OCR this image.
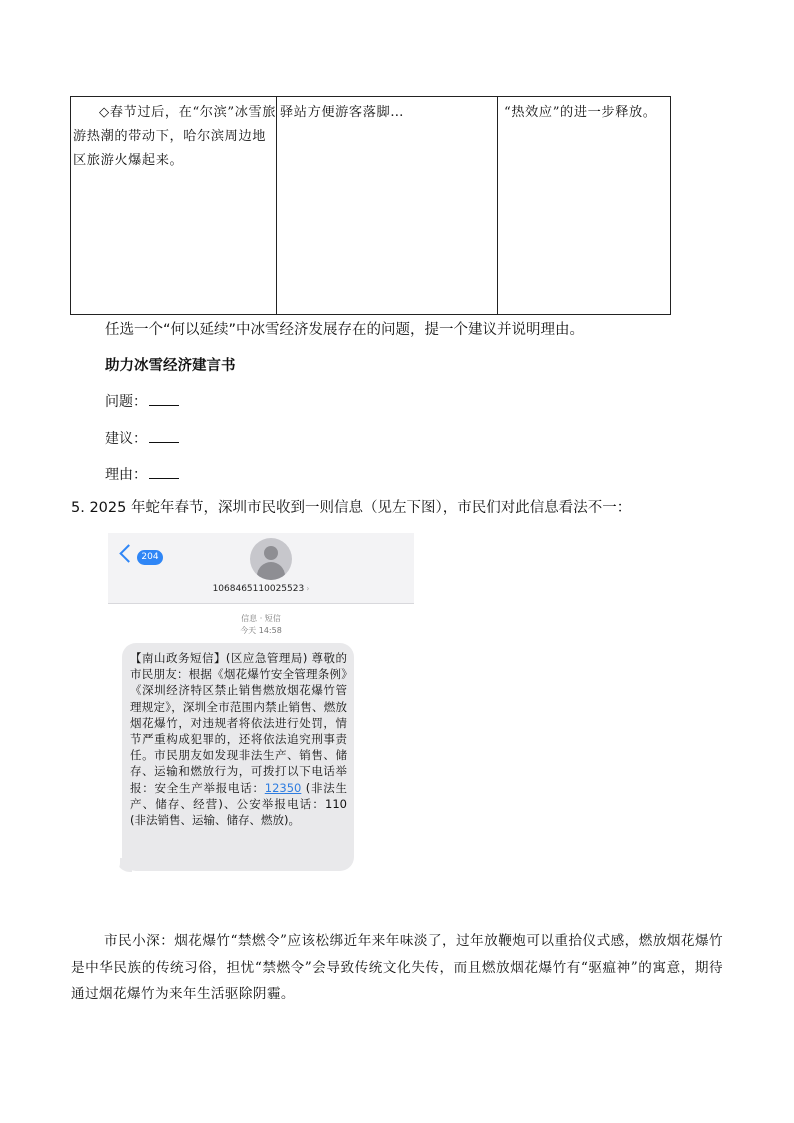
◇春节过后，在“尔滨”冰雪旅游热潮的带动下，哈尔滨周边地区旅游火爆起来。
驿站方便游客落脚…	“热效应”的进一步释放。
任选一个“何以延续”中冰雪经济发展存在的问题，提一个建议并说明理由。
助力冰雪经济建言书
问题：
建议：
理由：
5. 2025 年蛇年春节，深圳市民收到一则信息（见左下图），市民们对此信息看法不一：
204
1068465110025523 ›
信息 · 短信
今天 14:58
【南山政务短信】(区应急管理局) 尊敬的市民朋友：根据《烟花爆竹安全管理条例》《深圳经济特区禁止销售燃放烟花爆竹管理规定》，深圳全市范围内禁止销售、燃放烟花爆竹，对违规者将依法进行处罚，情节严重构成犯罪的，还将依法追究刑事责任。市民朋友如发现非法生产、销售、储存、运输和燃放行为，可拨打以下电话举报：安全生产举报电话：12350 (非法生产、储存、经营)、公安举报电话：110 (非法销售、运输、储存、燃放)。
市民小深：烟花爆竹“禁燃令”应该松绑近年来年味淡了，过年放鞭炮可以重拾仪式感，燃放烟花爆竹是中华民族的传统习俗，担忧“禁燃令”会导致传统文化失传，而且燃放烟花爆竹有“驱瘟神”的寓意，期待通过烟花爆竹为来年生活驱除阴霾。
